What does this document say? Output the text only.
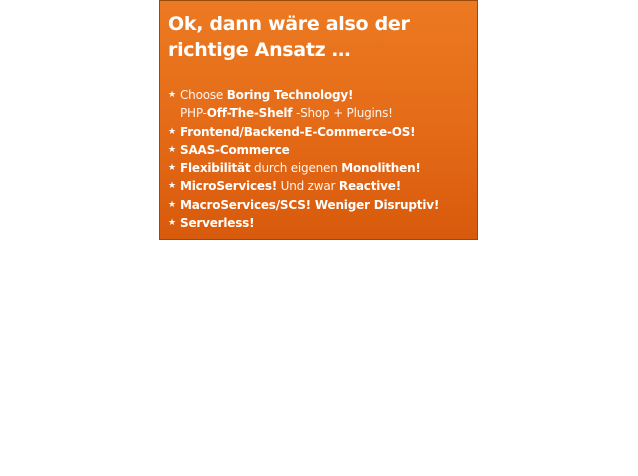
Ok, dann wäre also der
richtige Ansatz …
★ Choose Boring Technology!
PHP-Off-The-Shelf -Shop + Plugins!
★ Frontend/Backend-E-Commerce-OS!
★ SAAS-Commerce
★ Flexibilität durch eigenen Monolithen!
★ MicroServices! Und zwar Reactive!
★ MacroServices/SCS! Weniger Disruptiv!
★ Serverless!
